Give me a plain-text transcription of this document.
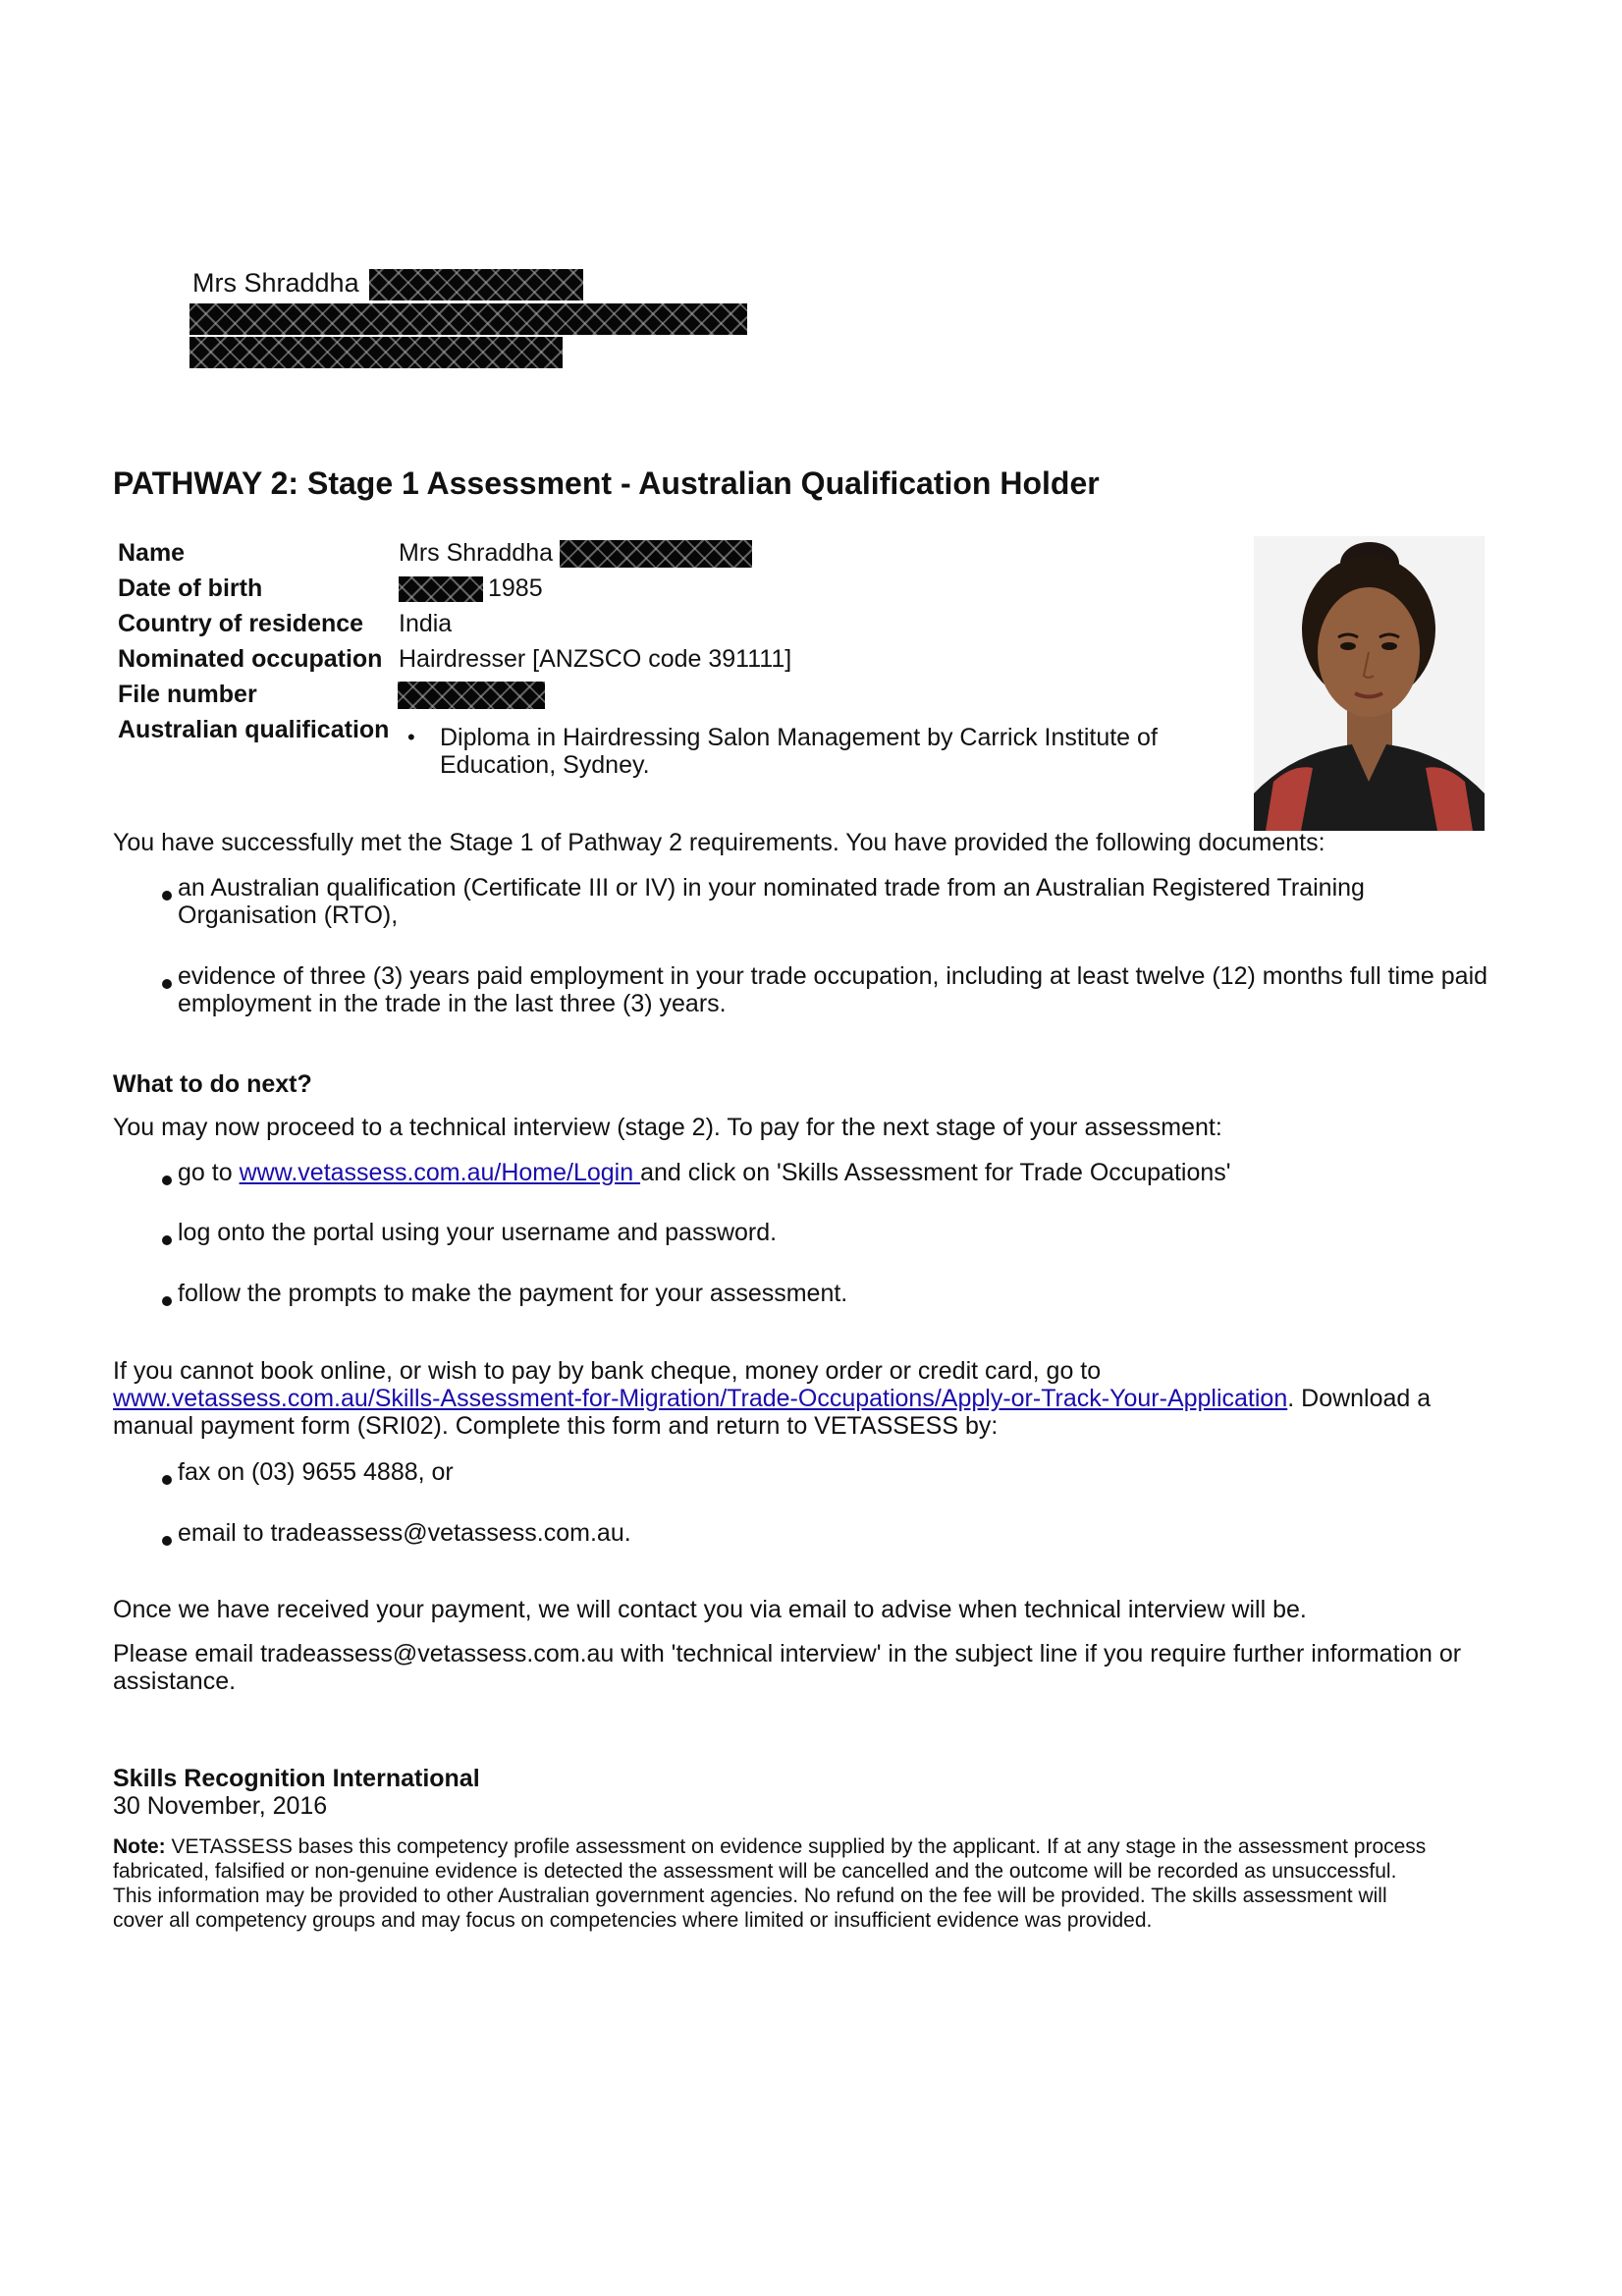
Mrs Shraddha
PATHWAY 2: Stage 1 Assessment - Australian Qualification Holder
Name	Mrs Shraddha
Date of birth	1985
Country of residence India
Nominated occupation Hairdresser [ANZSCO code 391111]
File number
Australian qualification • Diploma in Hairdressing Salon Management by Carrick Institute of
Education, Sydney.
You have successfully met the Stage 1 of Pathway 2 requirements. You have provided the following documents:
an Australian qualification (Certificate III or IV) in your nominated trade from an Australian Registered Training
Organisation (RTO),
evidence of three (3) years paid employment in your trade occupation, including at least twelve (12) months full time paid
employment in the trade in the last three (3) years.
What to do next?
You may now proceed to a technical interview (stage 2). To pay for the next stage of your assessment:
go to www.vetassess.com.au/Home/Login and click on 'Skills Assessment for Trade Occupations'
log onto the portal using your username and password.
follow the prompts to make the payment for your assessment.
If you cannot book online, or wish to pay by bank cheque, money order or credit card, go to
www.vetassess.com.au/Skills-Assessment-for-Migration/Trade-Occupations/Apply-or-Track-Your-Application. Download a
manual payment form (SRI02). Complete this form and return to VETASSESS by:
fax on (03) 9655 4888, or
email to tradeassess@vetassess.com.au.
Once we have received your payment, we will contact you via email to advise when technical interview will be.
Please email tradeassess@vetassess.com.au with 'technical interview' in the subject line if you require further information or
assistance.
Skills Recognition International
30 November, 2016
Note: VETASSESS bases this competency profile assessment on evidence supplied by the applicant. If at any stage in the assessment process
fabricated, falsified or non-genuine evidence is detected the assessment will be cancelled and the outcome will be recorded as unsuccessful.
This information may be provided to other Australian government agencies. No refund on the fee will be provided. The skills assessment will
cover all competency groups and may focus on competencies where limited or insufficient evidence was provided.
